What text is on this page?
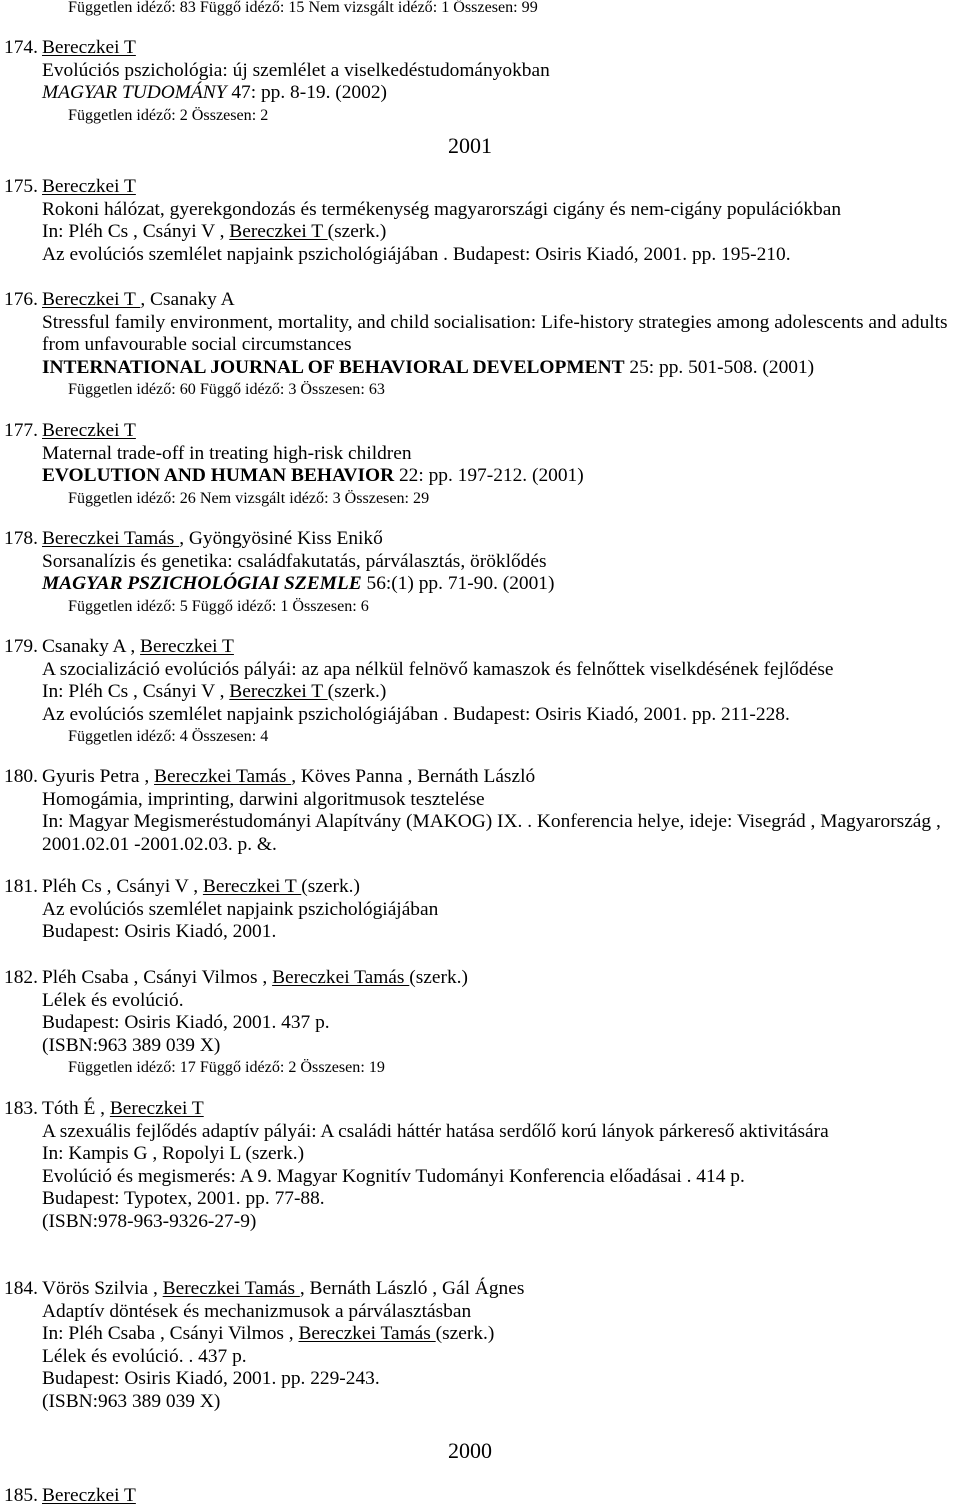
Független idéző: 83 Függő idéző: 15 Nem vizsgált idéző: 1 Összesen: 99
174. Bereczkei T
Evolúciós pszichológia: új szemlélet a viselkedéstudományokban
MAGYAR TUDOMÁNY 47: pp. 8-19. (2002)
Független idéző: 2 Összesen: 2
2001
175. Bereczkei T
Rokoni hálózat, gyerekgondozás és termékenység magyarországi cigány és nem-cigány populációkban
In: Pléh Cs , Csányi V , Bereczkei T (szerk.)
Az evolúciós szemlélet napjaink pszichológiájában . Budapest: Osiris Kiadó, 2001. pp. 195-210.
176. Bereczkei T , Csanaky A
Stressful family environment, mortality, and child socialisation: Life-history strategies among adolescents and adults
from unfavourable social circumstances
INTERNATIONAL JOURNAL OF BEHAVIORAL DEVELOPMENT 25: pp. 501-508. (2001)
Független idéző: 60 Függő idéző: 3 Összesen: 63
177. Bereczkei T
Maternal trade-off in treating high-risk children
EVOLUTION AND HUMAN BEHAVIOR 22: pp. 197-212. (2001)
Független idéző: 26 Nem vizsgált idéző: 3 Összesen: 29
178. Bereczkei Tamás , Gyöngyösiné Kiss Enikő
Sorsanalízis és genetika: családfakutatás, párválasztás, öröklődés
MAGYAR PSZICHOLÓGIAI SZEMLE 56:(1) pp. 71-90. (2001)
Független idéző: 5 Függő idéző: 1 Összesen: 6
179. Csanaky A , Bereczkei T
A szocializáció evolúciós pályái: az apa nélkül felnövő kamaszok és felnőttek viselkdésének fejlődése
In: Pléh Cs , Csányi V , Bereczkei T (szerk.)
Az evolúciós szemlélet napjaink pszichológiájában . Budapest: Osiris Kiadó, 2001. pp. 211-228.
Független idéző: 4 Összesen: 4
180. Gyuris Petra , Bereczkei Tamás , Köves Panna , Bernáth László
Homogámia, imprinting, darwini algoritmusok tesztelése
In: Magyar Megismeréstudományi Alapítvány (MAKOG) IX. . Konferencia helye, ideje: Visegrád , Magyarország ,
2001.02.01 -2001.02.03. p. &.
181. Pléh Cs , Csányi V , Bereczkei T (szerk.)
Az evolúciós szemlélet napjaink pszichológiájában
Budapest: Osiris Kiadó, 2001.
182. Pléh Csaba , Csányi Vilmos , Bereczkei Tamás (szerk.)
Lélek és evolúció.
Budapest: Osiris Kiadó, 2001. 437 p.
(ISBN:963 389 039 X)
Független idéző: 17 Függő idéző: 2 Összesen: 19
183. Tóth É , Bereczkei T
A szexuális fejlődés adaptív pályái: A családi háttér hatása serdőlő korú lányok párkereső aktivitására
In: Kampis G , Ropolyi L (szerk.)
Evolúció és megismerés: A 9. Magyar Kognitív Tudományi Konferencia előadásai . 414 p.
Budapest: Typotex, 2001. pp. 77-88.
(ISBN:978-963-9326-27-9)
184. Vörös Szilvia , Bereczkei Tamás , Bernáth László , Gál Ágnes
Adaptív döntések és mechanizmusok a párválasztásban
In: Pléh Csaba , Csányi Vilmos , Bereczkei Tamás (szerk.)
Lélek és evolúció. . 437 p.
Budapest: Osiris Kiadó, 2001. pp. 229-243.
(ISBN:963 389 039 X)
2000
185. Bereczkei T
